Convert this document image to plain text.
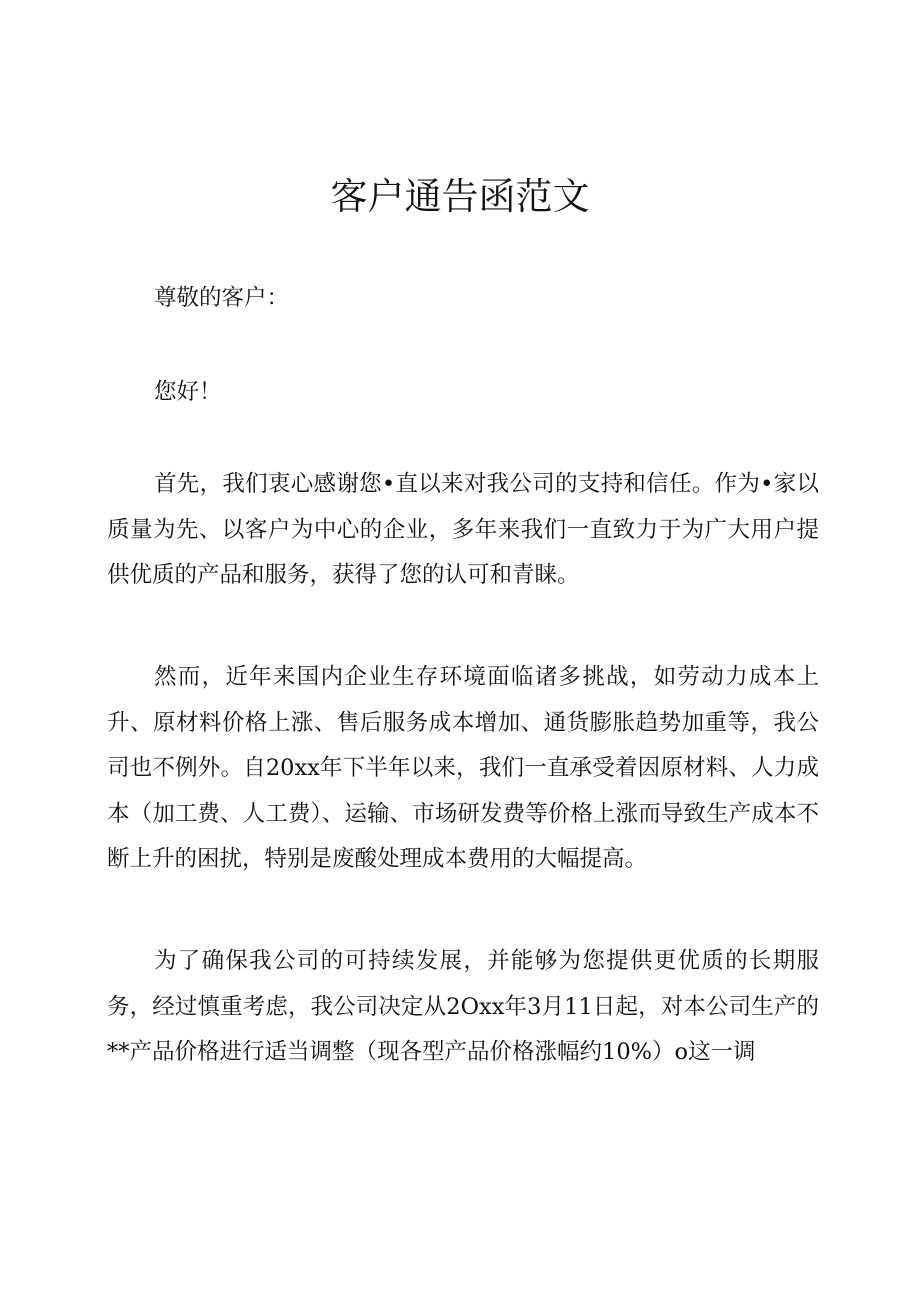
客户通告函范文

尊敬的客户：

您好！

首先，我们衷心感谢您•直以来对我公司的支持和信任。作为•家以质量为先、以客户为中心的企业，多年来我们一直致力于为广大用户提供优质的产品和服务，获得了您的认可和青睐。

然而，近年来国内企业生存环境面临诸多挑战，如劳动力成本上升、原材料价格上涨、售后服务成本增加、通货膨胀趋势加重等，我公司也不例外。自20xx年下半年以来，我们一直承受着因原材料、人力成本（加工费、人工费）、运输、市场研发费等价格上涨而导致生产成本不断上升的困扰，特别是废酸处理成本费用的大幅提高。

为了确保我公司的可持续发展，并能够为您提供更优质的长期服务，经过慎重考虑，我公司决定从2Oxx年3月11日起，对本公司生产的**产品价格进行适当调整（现各型产品价格涨幅约10%）o这一调
